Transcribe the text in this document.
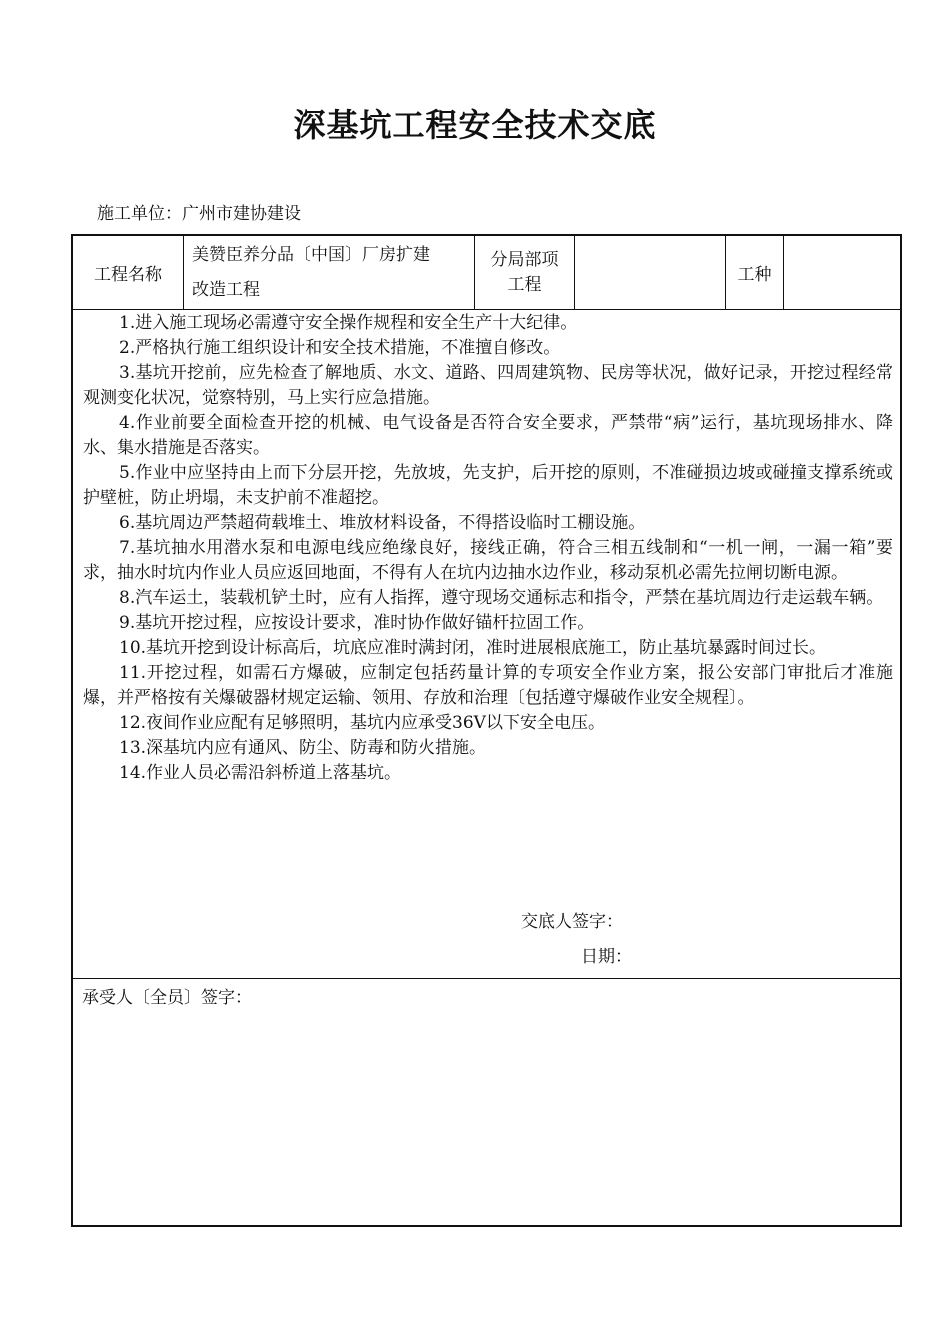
深基坑工程安全技术交底
施工单位：广州市建协建设
工程名称
美赞臣养分品〔中国〕厂房扩建
改造工程
分局部项
工程	工种

1.进入施工现场必需遵守安全操作规程和安全生产十大纪律。

2.严格执行施工组织设计和安全技术措施，不准擅自修改。

3.基坑开挖前，应先检查了解地质、水文、道路、四周建筑物、民房等状况，做好记录，开挖过程经常观测变化状况，觉察特别，马上实行应急措施。

4.作业前要全面检查开挖的机械、电气设备是否符合安全要求，严禁带“病”运行，基坑现场排水、降水、集水措施是否落实。

5.作业中应坚持由上而下分层开挖，先放坡，先支护，后开挖的原则，不准碰损边坡或碰撞支撑系统或护壁桩，防止坍塌，未支护前不准超挖。

6.基坑周边严禁超荷载堆土、堆放材料设备，不得搭设临时工棚设施。

7.基坑抽水用潜水泵和电源电线应绝缘良好，接线正确，符合三相五线制和“一机一闸，一漏一箱”要求，抽水时坑内作业人员应返回地面，不得有人在坑内边抽水边作业，移动泵机必需先拉闸切断电源。

8.汽车运土，装载机铲土时，应有人指挥，遵守现场交通标志和指令，严禁在基坑周边行走运载车辆。

9.基坑开挖过程，应按设计要求，准时协作做好锚杆拉固工作。

10.基坑开挖到设计标高后，坑底应准时满封闭，准时进展根底施工，防止基坑暴露时间过长。

11.开挖过程，如需石方爆破，应制定包括药量计算的专项安全作业方案，报公安部门审批后才准施爆，并严格按有关爆破器材规定运输、领用、存放和治理〔包括遵守爆破作业安全规程〕。

12.夜间作业应配有足够照明，基坑内应承受36V以下安全电压。

13.深基坑内应有通风、防尘、防毒和防火措施。

14.作业人员必需沿斜桥道上落基坑。

交底人签字：
日期：
承受人〔全员〕签字：
